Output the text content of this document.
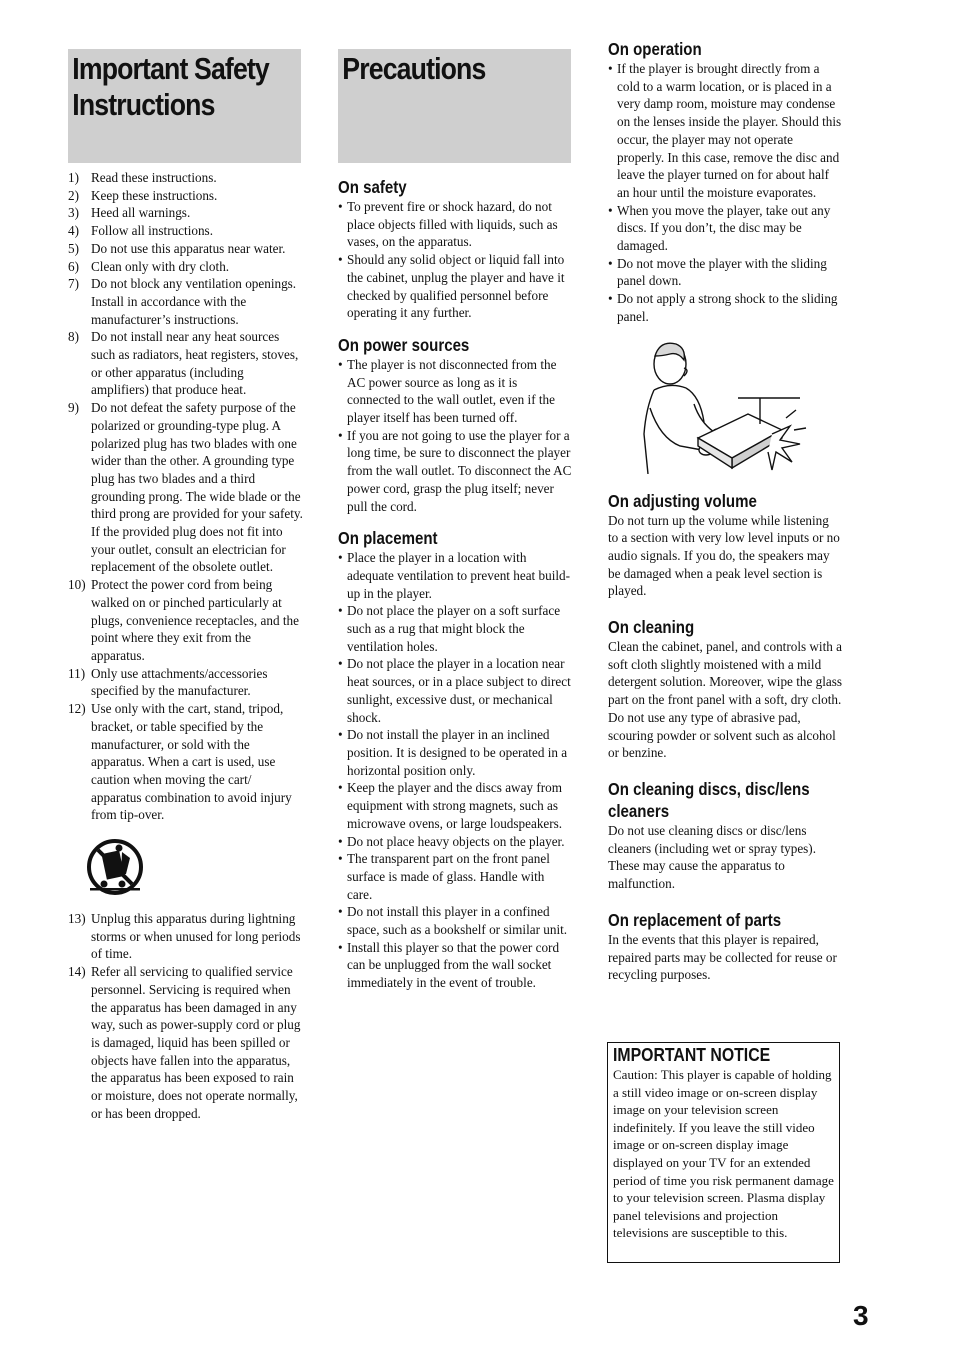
Important Safety Instructions
Precautions
1) Read these instructions.
2) Keep these instructions.
3) Heed all warnings.
4) Follow all instructions.
5) Do not use this apparatus near water.
6) Clean only with dry cloth.
7) Do not block any ventilation openings. Install in accordance with the manufacturer’s instructions.
8) Do not install near any heat sources such as radiators, heat registers, stoves, or other apparatus (including amplifiers) that produce heat.
9) Do not defeat the safety purpose of the polarized or grounding-type plug. A polarized plug has two blades with one wider than the other. A grounding type plug has two blades and a third grounding prong. The wide blade or the third prong are provided for your safety. If the provided plug does not fit into your outlet, consult an electrician for replacement of the obsolete outlet.
10) Protect the power cord from being walked on or pinched particularly at plugs, convenience receptacles, and the point where they exit from the apparatus.
11) Only use attachments/accessories specified by the manufacturer.
12) Use only with the cart, stand, tripod, bracket, or table specified by the manufacturer, or sold with the apparatus. When a cart is used, use caution when moving the cart/ apparatus combination to avoid injury from tip-over.
13) Unplug this apparatus during lightning storms or when unused for long periods of time.
14) Refer all servicing to qualified service personnel. Servicing is required when the apparatus has been damaged in any way, such as power-supply cord or plug is damaged, liquid has been spilled or objects have fallen into the apparatus, the apparatus has been exposed to rain or moisture, does not operate normally, or has been dropped.
On safety
• To prevent fire or shock hazard, do not place objects filled with liquids, such as vases, on the apparatus.
• Should any solid object or liquid fall into the cabinet, unplug the player and have it checked by qualified personnel before operating it any further.
On power sources
• The player is not disconnected from the AC power source as long as it is connected to the wall outlet, even if the player itself has been turned off.
• If you are not going to use the player for a long time, be sure to disconnect the player from the wall outlet. To disconnect the AC power cord, grasp the plug itself; never pull the cord.
On placement
• Place the player in a location with adequate ventilation to prevent heat build-up in the player.
• Do not place the player on a soft surface such as a rug that might block the ventilation holes.
• Do not place the player in a location near heat sources, or in a place subject to direct sunlight, excessive dust, or mechanical shock.
• Do not install the player in an inclined position. It is designed to be operated in a horizontal position only.
• Keep the player and the discs away from equipment with strong magnets, such as microwave ovens, or large loudspeakers.
• Do not place heavy objects on the player.
• The transparent part on the front panel surface is made of glass. Handle with care.
• Do not install this player in a confined space, such as a bookshelf or similar unit.
• Install this player so that the power cord can be unplugged from the wall socket immediately in the event of trouble.
On operation
• If the player is brought directly from a cold to a warm location, or is placed in a very damp room, moisture may condense on the lenses inside the player. Should this occur, the player may not operate properly. In this case, remove the disc and leave the player turned on for about half an hour until the moisture evaporates.
• When you move the player, take out any discs. If you don’t, the disc may be damaged.
• Do not move the player with the sliding panel down.
• Do not apply a strong shock to the sliding panel.
On adjusting volume

Do not turn up the volume while listening to a section with very low level inputs or no audio signals. If you do, the speakers may be damaged when a peak level section is played.

On cleaning

Clean the cabinet, panel, and controls with a soft cloth slightly moistened with a mild detergent solution. Moreover, wipe the glass part on the front panel with a soft, dry cloth. Do not use any type of abrasive pad, scouring powder or solvent such as alcohol or benzine.

On cleaning discs, disc/lens cleaners

Do not use cleaning discs or disc/lens cleaners (including wet or spray types). These may cause the apparatus to malfunction.

On replacement of parts

In the events that this player is repaired, repaired parts may be collected for reuse or recycling purposes.

IMPORTANT NOTICE

Caution: This player is capable of holding a still video image or on-screen display image on your television screen indefinitely. If you leave the still video image or on-screen display image displayed on your TV for an extended period of time you risk permanent damage to your television screen. Plasma display panel televisions and projection televisions are susceptible to this.

3
